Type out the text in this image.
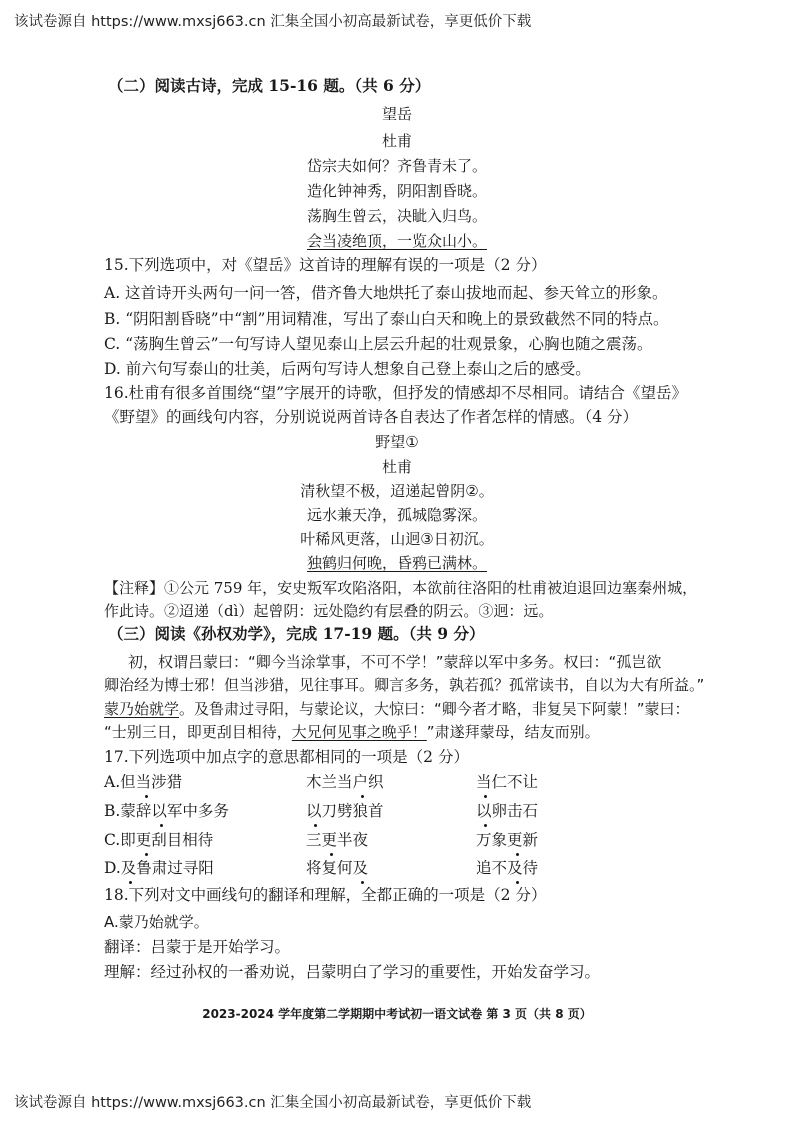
该试卷源自 https://www.mxsj663.cn 汇集全国小初高最新试卷，享更低价下载
（二）阅读古诗，完成 15-16 题。（共 6 分）
望岳
杜甫
岱宗夫如何？齐鲁青未了。
造化钟神秀，阴阳割昏晓。
荡胸生曾云，决眦入归鸟。
会当凌绝顶，一览众山小。
15.下列选项中，对《望岳》这首诗的理解有误的一项是（2 分）
A. 这首诗开头两句一问一答，借齐鲁大地烘托了泰山拔地而起、参天耸立的形象。
B. “阴阳割昏晓”中“割”用词精准，写出了泰山白天和晚上的景致截然不同的特点。
C. “荡胸生曾云”一句写诗人望见泰山上层云升起的壮观景象，心胸也随之震荡。
D. 前六句写泰山的壮美，后两句写诗人想象自己登上泰山之后的感受。
16.杜甫有很多首围绕“望”字展开的诗歌，但抒发的情感却不尽相同。请结合《望岳》
《野望》的画线句内容，分别说说两首诗各自表达了作者怎样的情感。（4 分）
野望①
杜甫
清秋望不极，迢递起曾阴②。
远水兼天净，孤城隐雾深。
叶稀风更落，山迥③日初沉。
独鹤归何晚，昏鸦已满林。
【注释】①公元 759 年，安史叛军攻陷洛阳，本欲前往洛阳的杜甫被迫退回边塞秦州城，
作此诗。②迢递（dì）起曾阴：远处隐约有层叠的阴云。③迥：远。
（三）阅读《孙权劝学》，完成 17-19 题。（共 9 分）
初，权谓吕蒙曰：“卿今当涂掌事，不可不学！”蒙辞以军中多务。权曰：“孤岂欲
卿治经为博士邪！但当涉猎，见往事耳。卿言多务，孰若孤？孤常读书，自以为大有所益。”
蒙乃始就学。及鲁肃过寻阳，与蒙论议，大惊曰：“卿今者才略，非复吴下阿蒙！”蒙曰：
“士别三日，即更刮目相待，大兄何见事之晚乎！”肃遂拜蒙母，结友而别。
17.下列选项中加点字的意思都相同的一项是（2 分）
A.但当涉猎	木兰当户织	当仁不让
B.蒙辞以军中多务	以刀劈狼首	以卵击石
C.即更刮目相待	三更半夜	万象更新
D.及鲁肃过寻阳	将复何及	追不及待
18.下列对文中画线句的翻译和理解，全都正确的一项是（2 分）
A.蒙乃始就学。
翻译：吕蒙于是开始学习。
理解：经过孙权的一番劝说，吕蒙明白了学习的重要性，开始发奋学习。
2023-2024 学年度第二学期期中考试初一语文试卷 第 3 页（共 8 页）
该试卷源自 https://www.mxsj663.cn 汇集全国小初高最新试卷，享更低价下载
